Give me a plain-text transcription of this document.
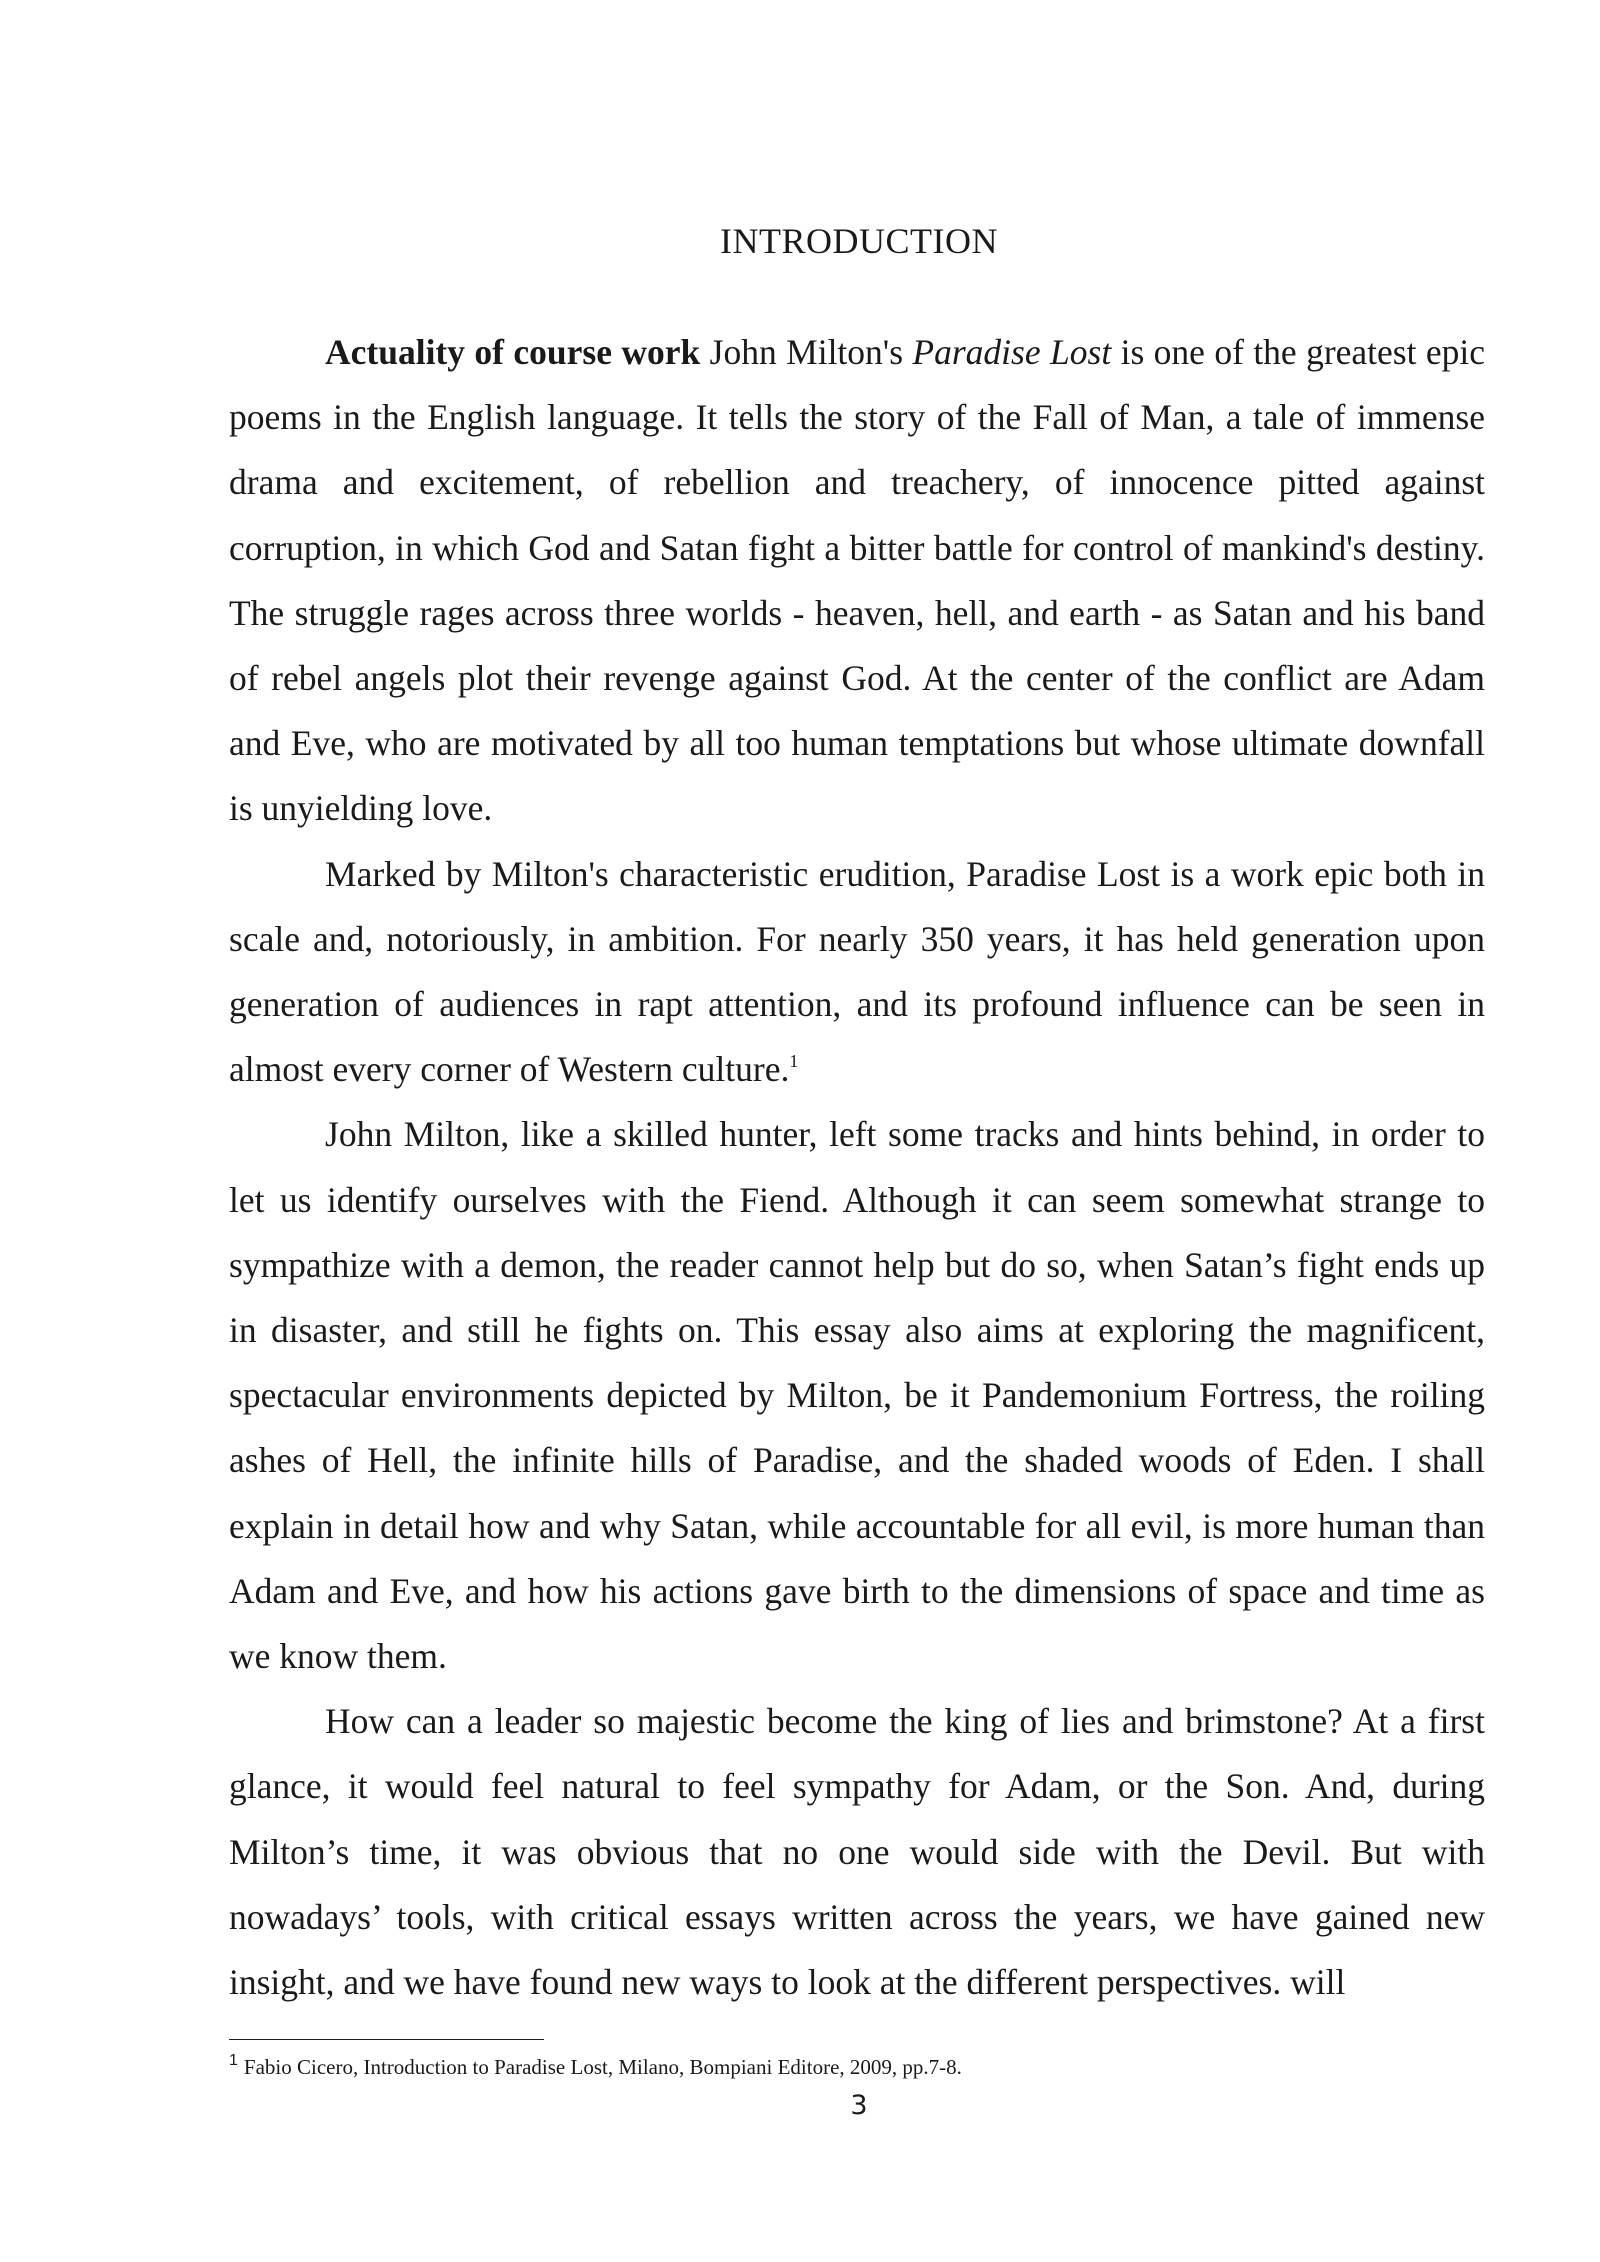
INTRODUCTION

Actuality of course work John Milton's Paradise Lost is one of the greatest epic poems in the English language. It tells the story of the Fall of Man, a tale of immense drama and excitement, of rebellion and treachery, of innocence pitted against corruption, in which God and Satan fight a bitter battle for control of mankind's destiny. The struggle rages across three worlds - heaven, hell, and earth - as Satan and his band of rebel angels plot their revenge against God. At the center of the conflict are Adam and Eve, who are motivated by all too human temptations but whose ultimate downfall is unyielding love.

Marked by Milton's characteristic erudition, Paradise Lost is a work epic both in scale and, notoriously, in ambition. For nearly 350 years, it has held generation upon generation of audiences in rapt attention, and its profound influence can be seen in almost every corner of Western culture.$^1$

John Milton, like a skilled hunter, left some tracks and hints behind, in order to let us identify ourselves with the Fiend. Although it can seem somewhat strange to sympathize with a demon, the reader cannot help but do so, when Satan’s fight ends up in disaster, and still he fights on. This essay also aims at exploring the magnificent, spectacular environments depicted by Milton, be it Pandemonium Fortress, the roiling ashes of Hell, the infinite hills of Paradise, and the shaded woods of Eden. I shall explain in detail how and why Satan, while accountable for all evil, is more human than Adam and Eve, and how his actions gave birth to the dimensions of space and time as we know them.

How can a leader so majestic become the king of lies and brimstone? At a first glance, it would feel natural to feel sympathy for Adam, or the Son. And, during Milton’s time, it was obvious that no one would side with the Devil. But with nowadays’ tools, with critical essays written across the years, we have gained new insight, and we have found new ways to look at the different perspectives. will

$^1$ Fabio Cicero, Introduction to Paradise Lost, Milano, Bompiani Editore, 2009, pp.7-8.
3
